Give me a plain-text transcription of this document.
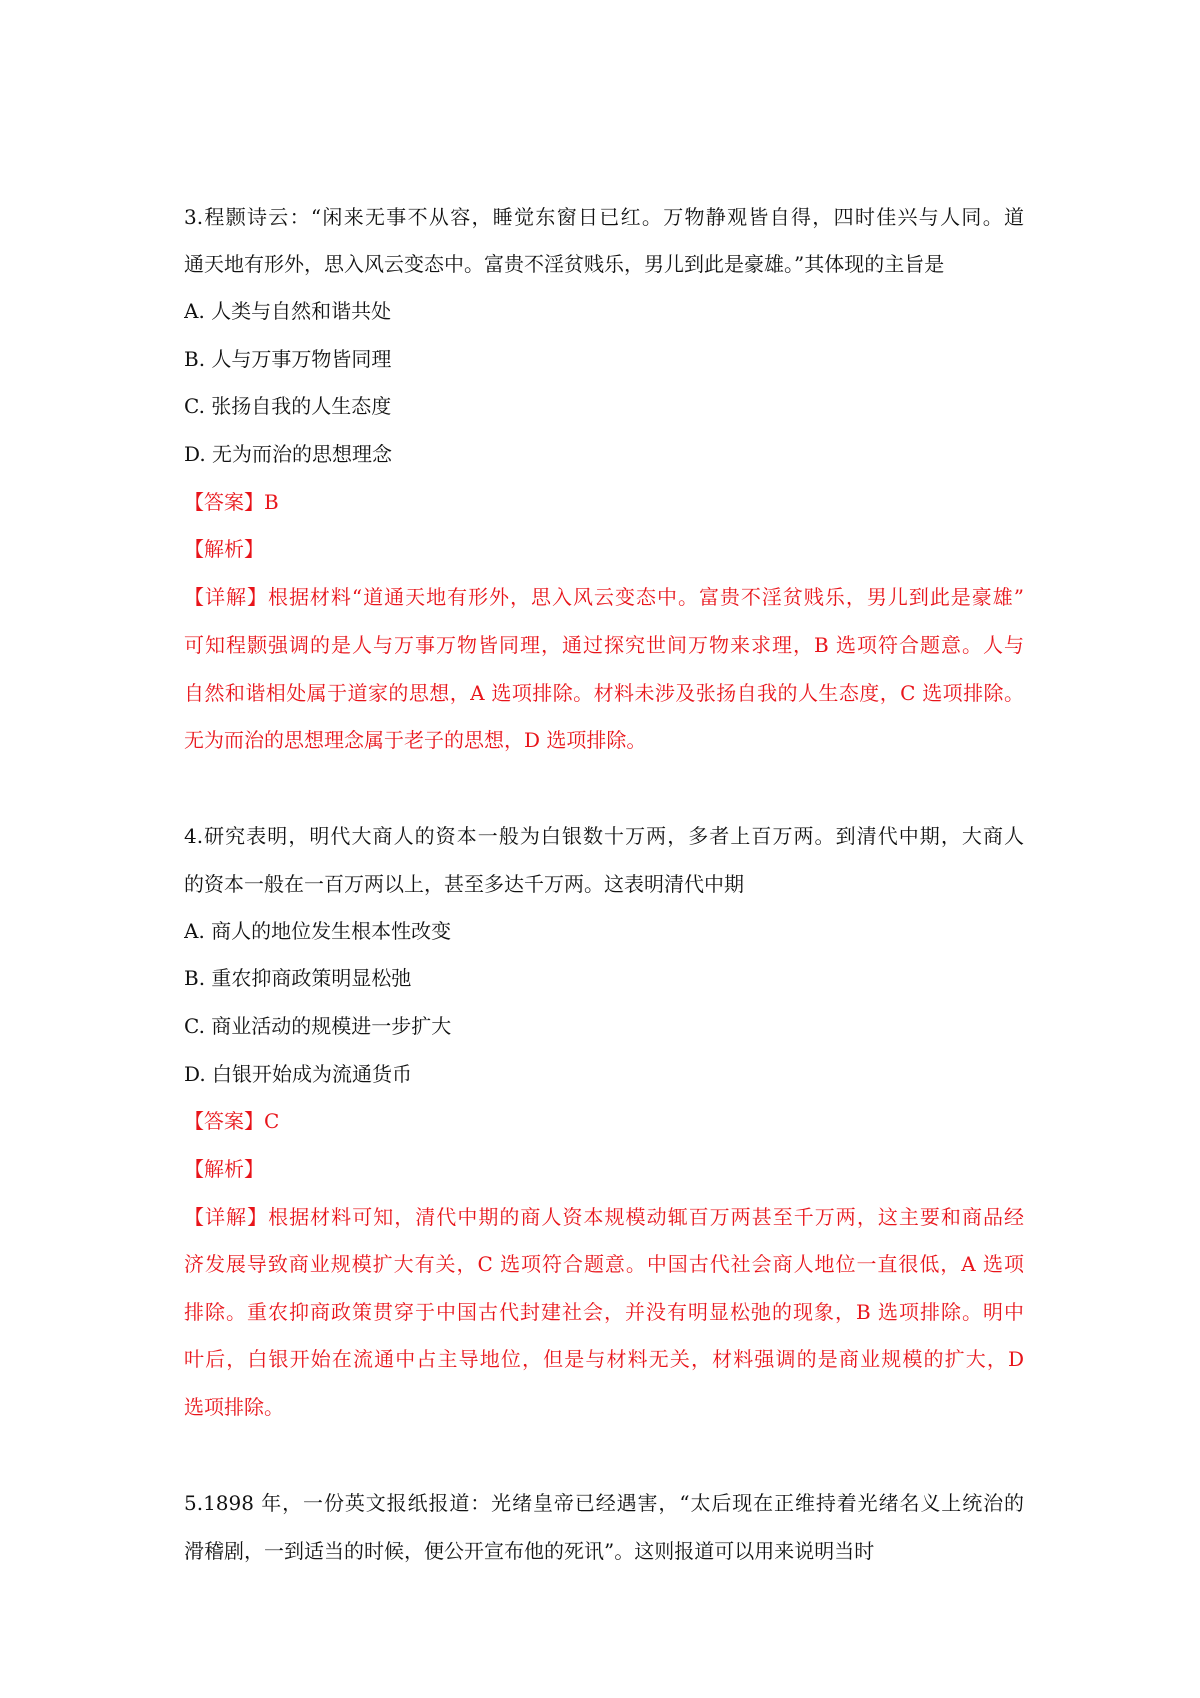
3.程颢诗云：“闲来无事不从容，睡觉东窗日已红。万物静观皆自得，四时佳兴与人同。道
通天地有形外，思入风云变态中。富贵不淫贫贱乐，男儿到此是豪雄。”其体现的主旨是
A. 人类与自然和谐共处
B. 人与万事万物皆同理
C. 张扬自我的人生态度
D. 无为而治的思想理念
【答案】B
【解析】
【详解】根据材料“道通天地有形外，思入风云变态中。富贵不淫贫贱乐，男儿到此是豪雄”
可知程颢强调的是人与万事万物皆同理，通过探究世间万物来求理，B 选项符合题意。人与
自然和谐相处属于道家的思想，A 选项排除。材料未涉及张扬自我的人生态度，C 选项排除。
无为而治的思想理念属于老子的思想，D 选项排除。
4.研究表明，明代大商人的资本一般为白银数十万两，多者上百万两。到清代中期，大商人
的资本一般在一百万两以上，甚至多达千万两。这表明清代中期
A. 商人的地位发生根本性改变
B. 重农抑商政策明显松弛
C. 商业活动的规模进一步扩大
D. 白银开始成为流通货币
【答案】C
【解析】
【详解】根据材料可知，清代中期的商人资本规模动辄百万两甚至千万两，这主要和商品经
济发展导致商业规模扩大有关，C 选项符合题意。中国古代社会商人地位一直很低，A 选项
排除。重农抑商政策贯穿于中国古代封建社会，并没有明显松弛的现象，B 选项排除。明中
叶后，白银开始在流通中占主导地位，但是与材料无关，材料强调的是商业规模的扩大，D
选项排除。
5.1898 年，一份英文报纸报道：光绪皇帝已经遇害，“太后现在正维持着光绪名义上统治的
滑稽剧，一到适当的时候，便公开宣布他的死讯”。这则报道可以用来说明当时
